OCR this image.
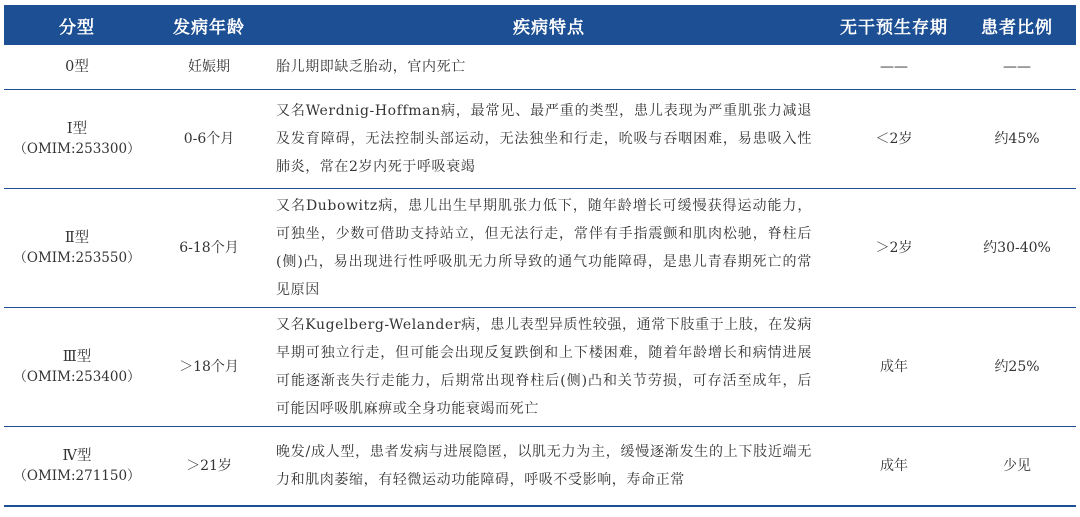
分型	发病年龄	疾病特点	无干预生存期	患者比例

0型	妊娠期	胎儿期即缺乏胎动，官内死亡	——	——

Ⅰ型
（OMIM:253300）	0-6个月	又名Werdnig-Hoffman病，最常见、最严重的类型，患儿表现为严重肌张力减退及发育障碍，无法控制头部运动，无法独坐和行走，吮吸与吞咽困难，易患吸入性肺炎，常在2岁内死于呼吸衰竭	＜2岁	约45%

Ⅱ型
（OMIM:253550）	6-18个月	又名Dubowitz病，患儿出生早期肌张力低下，随年龄增长可缓慢获得运动能力，可独坐，少数可借助支持站立，但无法行走，常伴有手指震颤和肌肉松驰，脊柱后(侧)凸，易出现进行性呼吸肌无力所导致的通气功能障碍，是患儿青春期死亡的常见原因	＞2岁	约30-40%

Ⅲ型
（OMIM:253400）	＞18个月	又名Kugelberg-Welander病，患儿表型异质性较强，通常下肢重于上肢，在发病早期可独立行走，但可能会出现反复跌倒和上下楼困难，随着年龄增长和病情进展可能逐渐丧失行走能力，后期常出现脊柱后(侧)凸和关节劳损，可存活至成年，后可能因呼吸肌麻痹或全身功能衰竭而死亡	成年	约25%

Ⅳ型
（OMIM:271150）	＞21岁	晚发/成人型，患者发病与进展隐匿，以肌无力为主，缓慢逐渐发生的上下肢近端无力和肌肉萎缩，有轻微运动功能障碍，呼吸不受影响，寿命正常	成年	少见
